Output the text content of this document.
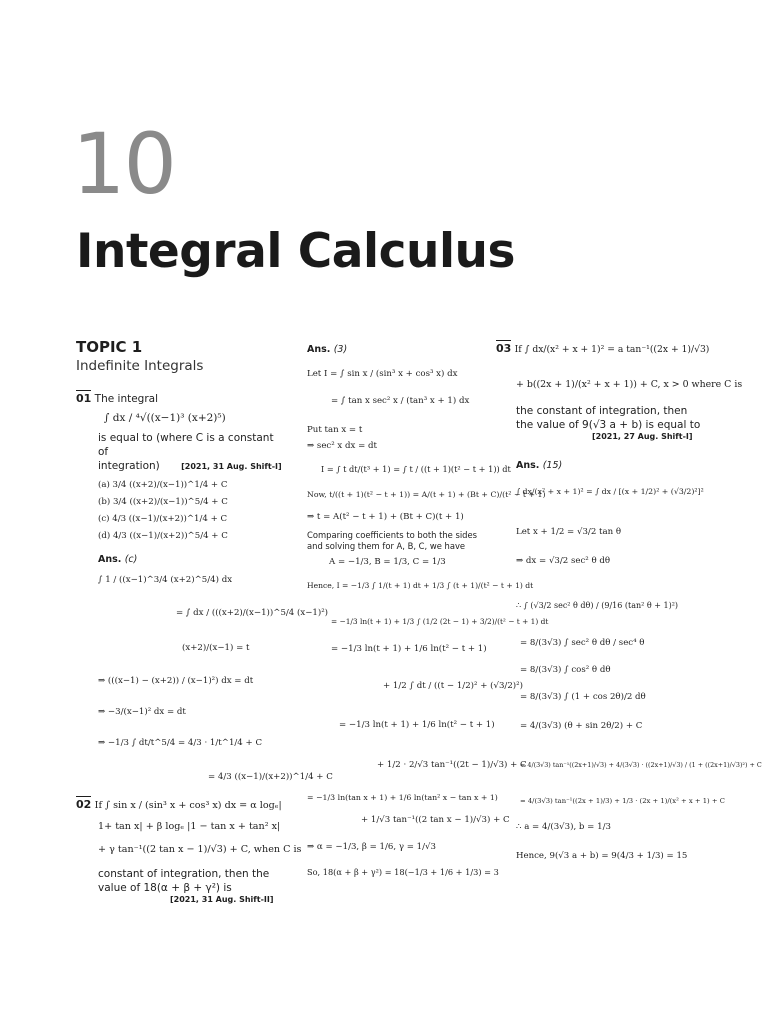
10
Integral Calculus
TOPIC 1
Indefinite Integrals
01 The integral
∫ dx / ⁴√((x−1)³ (x+2)⁵)
is equal to (where C is a constant of
integration)	[2021, 31 Aug. Shift-I]
(a) 3/4 ((x+2)/(x−1))^1/4 + C
(b) 3/4 ((x+2)/(x−1))^5/4 + C
(c) 4/3 ((x−1)/(x+2))^1/4 + C
(d) 4/3 ((x−1)/(x+2))^5/4 + C
Ans. (c)
∫ 1 / ((x−1)^3/4 (x+2)^5/4) dx
= ∫ dx / (((x+2)/(x−1))^5/4 (x−1)²)
(x+2)/(x−1) = t
⇒ (((x−1) − (x+2)) / (x−1)²) dx = dt
⇒ −3/(x−1)² dx = dt
⇒ −1/3 ∫ dt/t^5/4 = 4/3 · 1/t^1/4 + C
= 4/3 ((x−1)/(x+2))^1/4 + C
02 If ∫ sin x / (sin³ x + cos³ x) dx = α logₑ|
1+ tan x| + β logₑ |1 − tan x + tan² x|
+ γ tan⁻¹((2 tan x − 1)/√3) + C, when C is
constant of integration, then the
value of 18(α + β + γ²) is
[2021, 31 Aug. Shift-II]
Ans. (3)
Let I = ∫ sin x / (sin³ x + cos³ x) dx
= ∫ tan x sec² x / (tan³ x + 1) dx
Put tan x = t
⇒ sec² x dx = dt
I = ∫ t dt/(t³ + 1) = ∫ t / ((t + 1)(t² − t + 1)) dt
Now, t/((t + 1)(t² − t + 1)) = A/(t + 1) + (Bt + C)/(t² − t + 1)
⇒ t = A(t² − t + 1) + (Bt + C)(t + 1)
Comparing coefficients to both the sides
and solving them for A, B, C, we have
A = −1/3, B = 1/3, C = 1/3
Hence, I = −1/3 ∫ 1/(t + 1) dt + 1/3 ∫ (t + 1)/(t² − t + 1) dt
= −1/3 ln(t + 1) + 1/3 ∫ (1/2 (2t − 1) + 3/2)/(t² − t + 1) dt
= −1/3 ln(t + 1) + 1/6 ln(t² − t + 1)
+ 1/2 ∫ dt / ((t − 1/2)² + (√3/2)²)
= −1/3 ln(t + 1) + 1/6 ln(t² − t + 1)
+ 1/2 · 2/√3 tan⁻¹((2t − 1)/√3) + C
= −1/3 ln(tan x + 1) + 1/6 ln(tan² x − tan x + 1)
+ 1/√3 tan⁻¹((2 tan x − 1)/√3) + C
⇒ α = −1/3, β = 1/6, γ = 1/√3
So, 18(α + β + γ²) = 18(−1/3 + 1/6 + 1/3) = 3
03 If ∫ dx/(x² + x + 1)² = a tan⁻¹((2x + 1)/√3)
+ b((2x + 1)/(x² + x + 1)) + C, x > 0 where C is
the constant of integration, then
the value of 9(√3 a + b) is equal to
[2021, 27 Aug. Shift-I]
Ans. (15)
∫ dx/(x² + x + 1)² = ∫ dx / [(x + 1/2)² + (√3/2)²]²
Let x + 1/2 = √3/2 tan θ
⇒ dx = √3/2 sec² θ dθ
∴ ∫ (√3/2 sec² θ dθ) / (9/16 (tan² θ + 1)²)
= 8/(3√3) ∫ sec² θ dθ / sec⁴ θ
= 8/(3√3) ∫ cos² θ dθ
= 8/(3√3) ∫ (1 + cos 2θ)/2 dθ
= 4/(3√3) (θ + sin 2θ/2) + C
= 4/(3√3) tan⁻¹((2x+1)/√3) + 4/(3√3) · ((2x+1)/√3) / (1 + ((2x+1)/√3)²) + C
= 4/(3√3) tan⁻¹((2x + 1)/3) + 1/3 · (2x + 1)/(x² + x + 1) + C
∴ a = 4/(3√3), b = 1/3
Hence, 9(√3 a + b) = 9(4/3 + 1/3) = 15
